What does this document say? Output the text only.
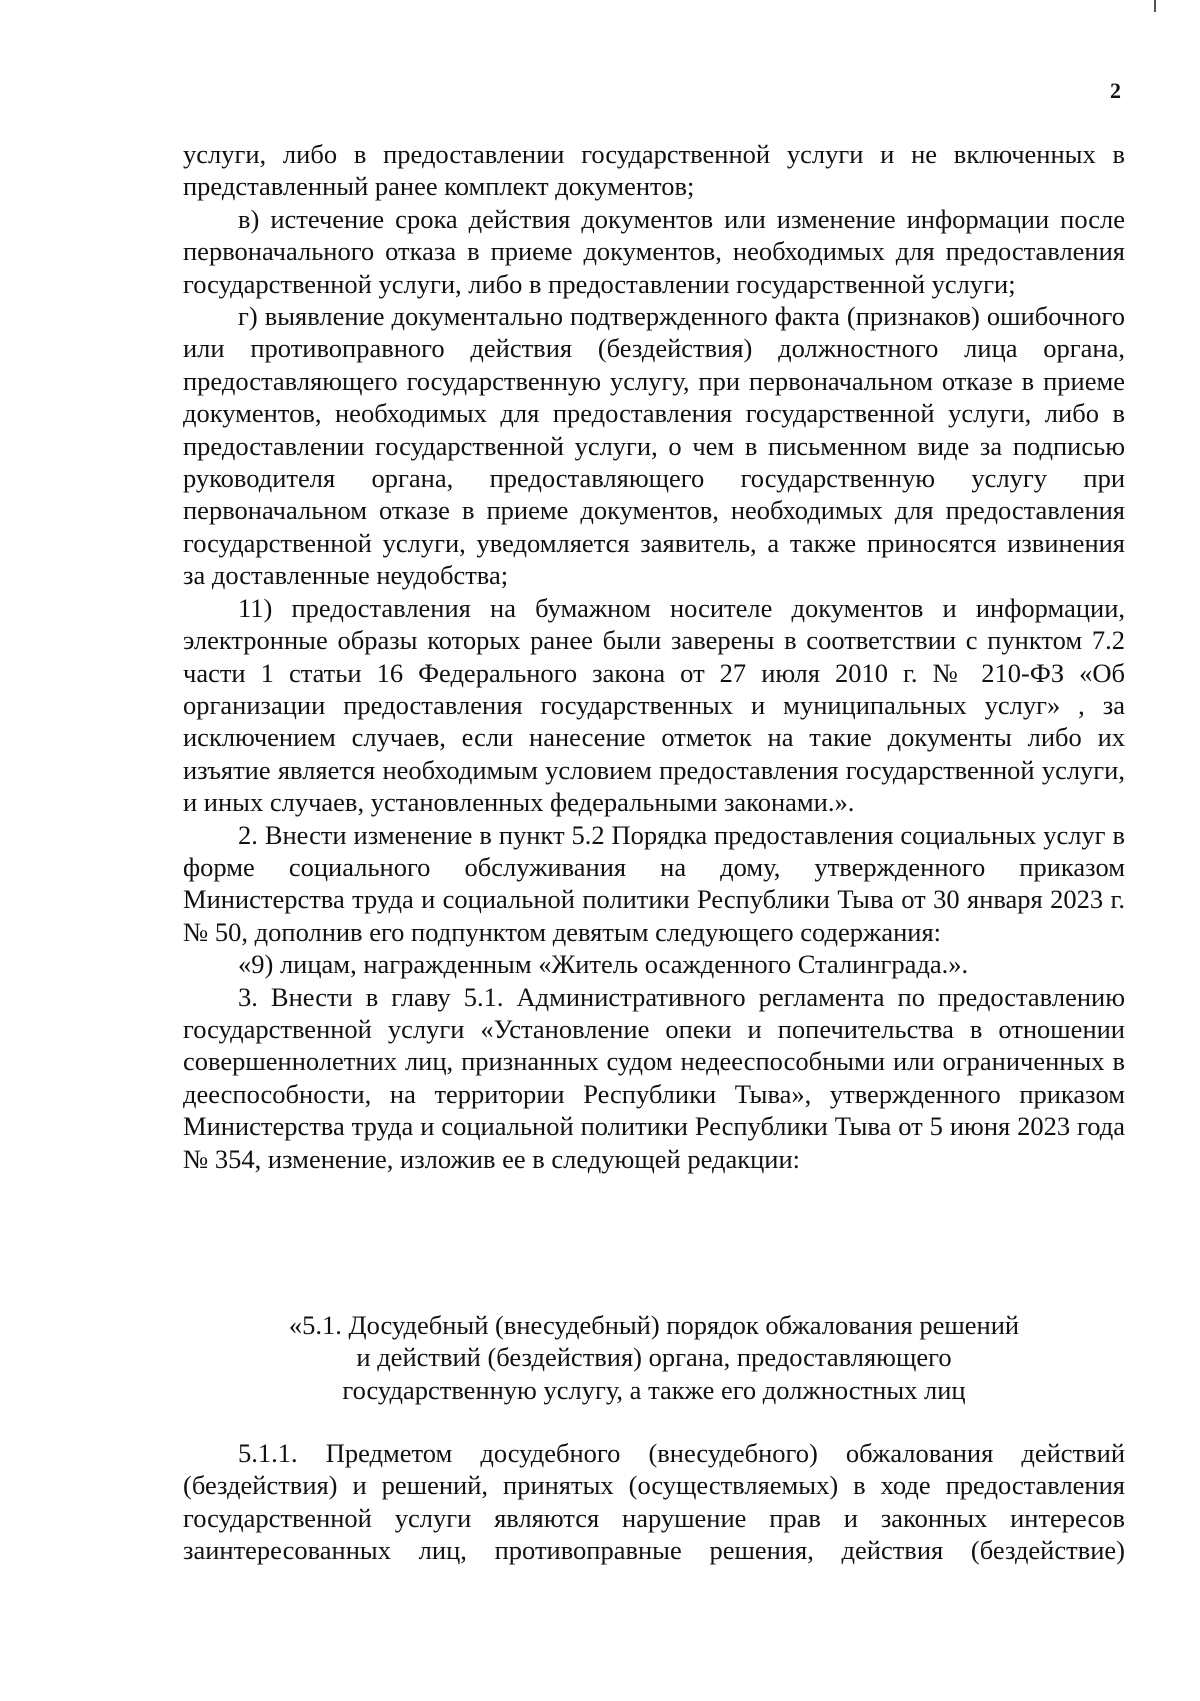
2

услуги, либо в предоставлении государственной услуги и не включенных в представленный ранее комплект документов;

в) истечение срока действия документов или изменение информации после первоначального отказа в приеме документов, необходимых для предоставления государственной услуги, либо в предоставлении государственной услуги;

г) выявление документально подтвержденного факта (признаков) ошибочного или противоправного действия (бездействия) должностного лица органа, предоставляющего государственную услугу, при первоначальном отказе в приеме документов, необходимых для предоставления государственной услуги, либо в предоставлении государственной услуги, о чем в письменном виде за подписью руководителя органа, предоставляющего государственную услугу при первоначальном отказе в приеме документов, необходимых для предоставления государственной услуги, уведомляется заявитель, а также приносятся извинения за доставленные неудобства;

11) предоставления на бумажном носителе документов и информации, электронные образы которых ранее были заверены в соответствии с пунктом 7.2 части 1 статьи 16 Федерального закона от 27 июля 2010 г. № 210-ФЗ «Об организации предоставления государственных и муниципальных услуг» , за исключением случаев, если нанесение отметок на такие документы либо их изъятие является необходимым условием предоставления государственной услуги, и иных случаев, установленных федеральными законами.».

2. Внести изменение в пункт 5.2 Порядка предоставления социальных услуг в форме социального обслуживания на дому, утвержденного приказом Министерства труда и социальной политики Республики Тыва от 30 января 2023 г. № 50, дополнив его подпунктом девятым следующего содержания:

«9) лицам, награжденным «Житель осажденного Сталинграда.».

3. Внести в главу 5.1. Административного регламента по предоставлению государственной услуги «Установление опеки и попечительства в отношении совершеннолетних лиц, признанных судом недееспособными или ограниченных в дееспособности, на территории Республики Тыва», утвержденного приказом Министерства труда и социальной политики Республики Тыва от 5 июня 2023 года № 354, изменение, изложив ее в следующей редакции:

«5.1. Досудебный (внесудебный) порядок обжалования решений
и действий (бездействия) органа, предоставляющего
государственную услугу, а также его должностных лиц

5.1.1. Предметом досудебного (внесудебного) обжалования действий (бездействия) и решений, принятых (осуществляемых) в ходе предоставления государственной услуги являются нарушение прав и законных интересов заинтересованных лиц, противоправные решения, действия (бездействие)
